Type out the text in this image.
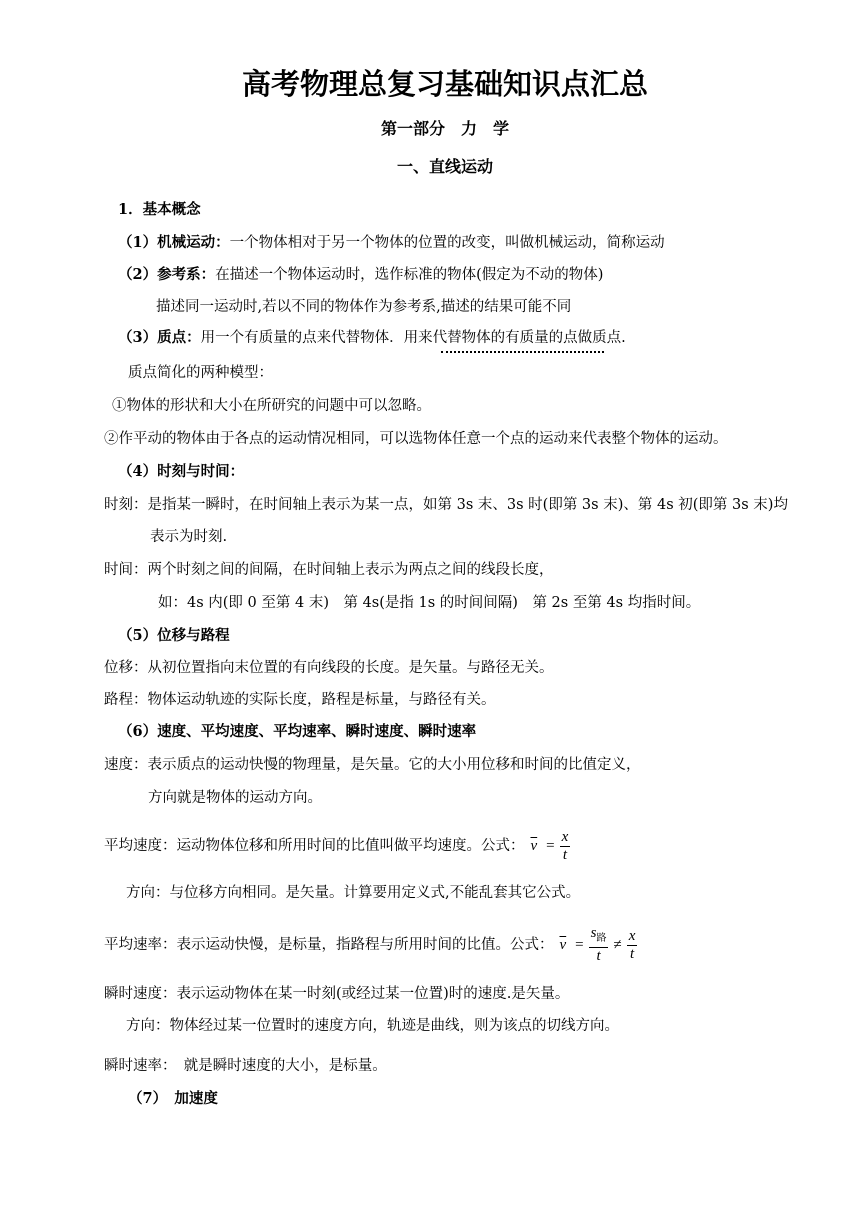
高考物理总复习基础知识点汇总
第一部分　力　学
一、直线运动
1．基本概念
（1）机械运动：一个物体相对于另一个物体的位置的改变，叫做机械运动，简称运动
（2）参考系：在描述一个物体运动时，选作标准的物体(假定为不动的物体)
描述同一运动时,若以不同的物体作为参考系,描述的结果可能不同
（3）质点：用一个有质量的点来代替物体．用来代替物体的有质量的点做质点.
质点简化的两种模型：
①物体的形状和大小在所研究的问题中可以忽略。
②作平动的物体由于各点的运动情况相同，可以选物体任意一个点的运动来代表整个物体的运动。
（4）时刻与时间：
时刻：是指某一瞬时，在时间轴上表示为某一点，如第 3s 末、3s 时(即第 3s 末)、第 4s 初(即第 3s 末)均
表示为时刻.
时间：两个时刻之间的间隔，在时间轴上表示为两点之间的线段长度，
如：4s 内(即 0 至第 4 末)　第 4s(是指 1s 的时间间隔)　第 2s 至第 4s 均指时间。
（5）位移与路程
位移：从初位置指向末位置的有向线段的长度。是矢量。与路径无关。
路程：物体运动轨迹的实际长度，路程是标量，与路径有关。
（6）速度、平均速度、平均速率、瞬时速度、瞬时速率
速度：表示质点的运动快慢的物理量，是矢量。它的大小用位移和时间的比值定义，
方向就是物体的运动方向。
平均速度：运动物体位移和所用时间的比值叫做平均速度。公式： $\overline{v} = \frac{x}{t}$
方向：与位移方向相同。是矢量。计算要用定义式,不能乱套其它公式。
平均速率：表示运动快慢，是标量，指路程与所用时间的比值。公式： $\overline{v} = \frac{s_路}{t} \ne \frac{x}{t}$
瞬时速度：表示运动物体在某一时刻(或经过某一位置)时的速度.是矢量。
方向：物体经过某一位置时的速度方向，轨迹是曲线，则为该点的切线方向。
瞬时速率：　就是瞬时速度的大小，是标量。
（7）　加速度
